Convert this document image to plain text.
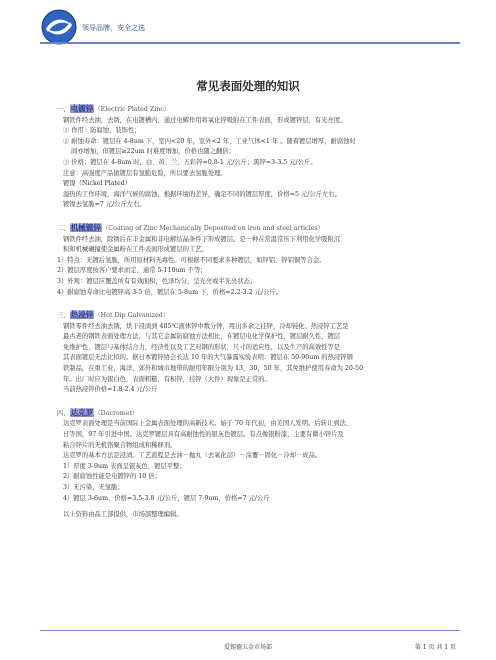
领导品牌，安全之选
常见表面处理的知识

一、电镀锌（Electric Plated Zinc）

钢铁件经去油，去锈，在电镀槽内，通过电解作用将氧化锌吸附在工件表面，形成镀锌层，有光亮度。

① 作用：防腐蚀，装饰性；

② 耐蚀寿命：镀层在 4-8um 下，室内<20 年，室外<2 年，工业气体<1 年 。随着镀层增厚，耐腐蚀时

间亦增加，但镀层≥22um 时难度增加，价格也随之翻倍；

③ 价格：镀层在 4-8um 时，白、黄、兰、五彩锌≈0.8-1 元/公斤；黑锌≈3-3.5 元/公斤。

注意：高强度产品做镀层有氢脆危险，所以要去氢脆处理。

镀镍（Nickel Plated）

湿热的工作环境，海洋气候的腐蚀，根据环境的差异，确定不同的镀层厚度，价格≈5 元/公斤左右。

镀镍去氢脆≈7 元/公斤左右。

二、机械镀锌（Coating of Zinc Mechanically Deposited on iron and steel articles）

钢铁件经去油，除锈后在丰金属和非电解结晶条件下形成镀层。是一种在常温常压下利用化学吸附沉

积和机械碾撞使金属粉在工件表面形成镀层的工艺。

1）特点：无镀后氢脆，所用原材料无毒性。可根据不同要求多种镀层，如锌铝、锌铝铜等合金。

2）镀层厚度按客户要求而定，通常 5-110um 不等；

3）外观：镀层应覆盖所有有效面积，色泽均匀，呈光亮或半光亮状态；

4）耐腐蚀寿命比电镀锌高 3-5 倍，镀层在 5-8um 下，价格≈2.2-3.2 元/公斤。

三、热浸锌（Hot Dip Galvanized）

钢铁零件经去油去锈，烘干浸渍到 485℃液体锌中数分钟，甩出多余之挂锌，冷却钝化。热浸锌工艺是

最古老的钢铁表面处理方法，与其它金属防腐蚀方法相比，在镀层电化学保护性，镀层耐久性，镀层

免维护性，镀层与基体结合力，经济性以及工艺对钢的形状，尺寸的适应性，以及生产的高效性等是

其表面镀层无法比拟的。据日本镀锌协会长达 10 年的大气暴露实验表明：镀层在 50-90um 的热浸锌钢

铁制品，在重工业，海洋，郊外和城市地带的耐用年限分别为 13，30，50 年，其免维护使用寿命为 20-50

年。出厂时应为银白色，表面粗糙，有积锌，挂锌（大件）现象是正常的。

当前热浸锌价格≈1.8-2.4 元/公斤

四、达克罗（Dacromet）

达克罗表面处理是当前国际上金属表面处理的高新技术。始于 70 年代初，由美国人发明。后转让到法、

日等国，97 年引进中国。达克罗镀层具有高耐蚀性的银灰色镀层。有点像银粉漆，主要有微小锌片及

粘合锌片的无机铬聚合物组成和稀释剂。

达克罗的基本方法是浸渍。工艺流程是去油－抛丸（去氧化层）－涂覆－固化－冷却－成品。

1）厚度 3-9um 表面呈银灰色，镀层平整；

2）耐腐蚀性能是电镀锌的 10 倍；

3）无污染，无氢脆；

4）镀层 3-6um，价格≈3.5-3.8 元/公斤，镀层 7-9um，价格≈7 元/公斤

以上资料由品工部提供，市场部整理编辑。

爱锡德五金市场部	第 1 页 共 1 页
